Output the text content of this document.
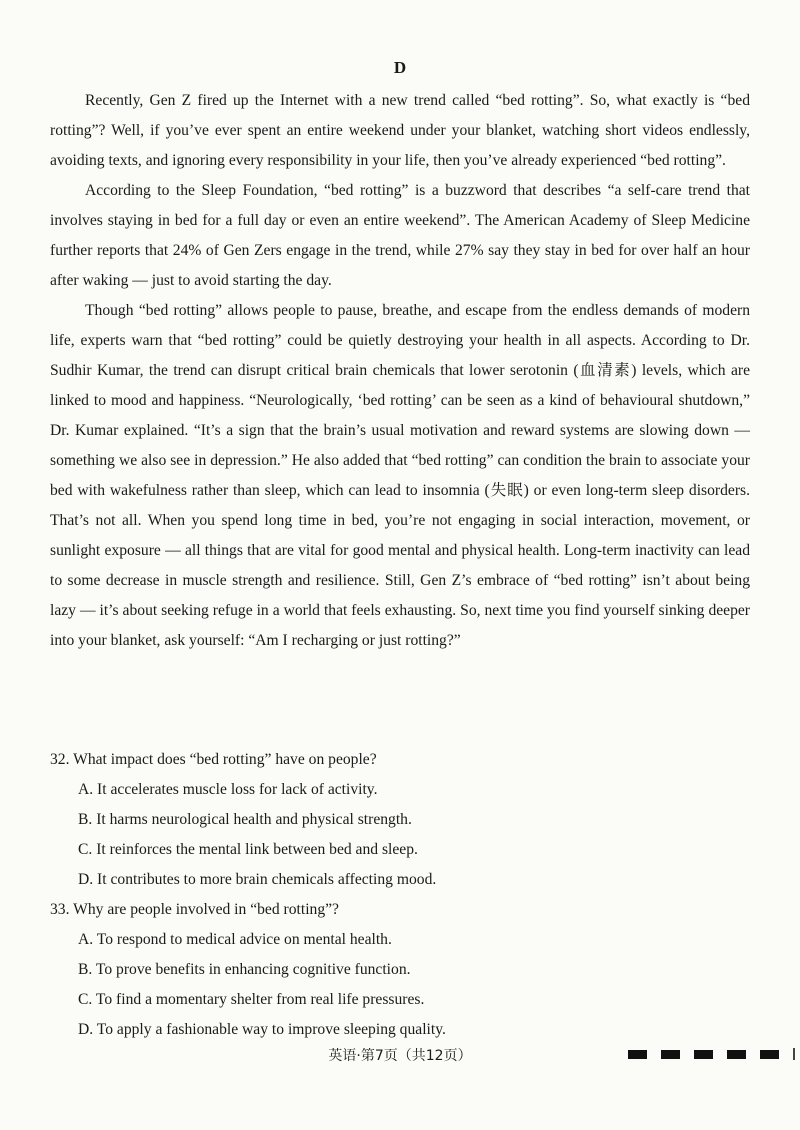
D

Recently, Gen Z fired up the Internet with a new trend called “bed rotting”. So, what exactly is “bed rotting”? Well, if you’ve ever spent an entire weekend under your blanket, watching short videos endlessly, avoiding texts, and ignoring every responsibility in your life, then you’ve already experienced “bed rotting”.

According to the Sleep Foundation, “bed rotting” is a buzzword that describes “a self-care trend that involves staying in bed for a full day or even an entire weekend”. The American Academy of Sleep Medicine further reports that 24% of Gen Zers engage in the trend, while 27% say they stay in bed for over half an hour after waking — just to avoid starting the day.

Though “bed rotting” allows people to pause, breathe, and escape from the endless demands of modern life, experts warn that “bed rotting” could be quietly destroying your health in all aspects. According to Dr. Sudhir Kumar, the trend can disrupt critical brain chemicals that lower serotonin (血清素) levels, which are linked to mood and happiness. “Neurologically, ‘bed rotting’ can be seen as a kind of behavioural shutdown,” Dr. Kumar explained. “It’s a sign that the brain’s usual motivation and reward systems are slowing down — something we also see in depression.” He also added that “bed rotting” can condition the brain to associate your bed with wakefulness rather than sleep, which can lead to insomnia (失眠) or even long-term sleep disorders. That’s not all. When you spend long time in bed, you’re not engaging in social interaction, movement, or sunlight exposure — all things that are vital for good mental and physical health. Long-term inactivity can lead to some decrease in muscle strength and resilience. Still, Gen Z’s embrace of “bed rotting” isn’t about being lazy — it’s about seeking refuge in a world that feels exhausting. So, next time you find yourself sinking deeper into your blanket, ask yourself: “Am I recharging or just rotting?”

32. What impact does “bed rotting” have on people?

A. It accelerates muscle loss for lack of activity.

B. It harms neurological health and physical strength.

C. It reinforces the mental link between bed and sleep.

D. It contributes to more brain chemicals affecting mood.

33. Why are people involved in “bed rotting”?

A. To respond to medical advice on mental health.

B. To prove benefits in enhancing cognitive function.

C. To find a momentary shelter from real life pressures.

D. To apply a fashionable way to improve sleeping quality.

英语·第7页（共12页）
